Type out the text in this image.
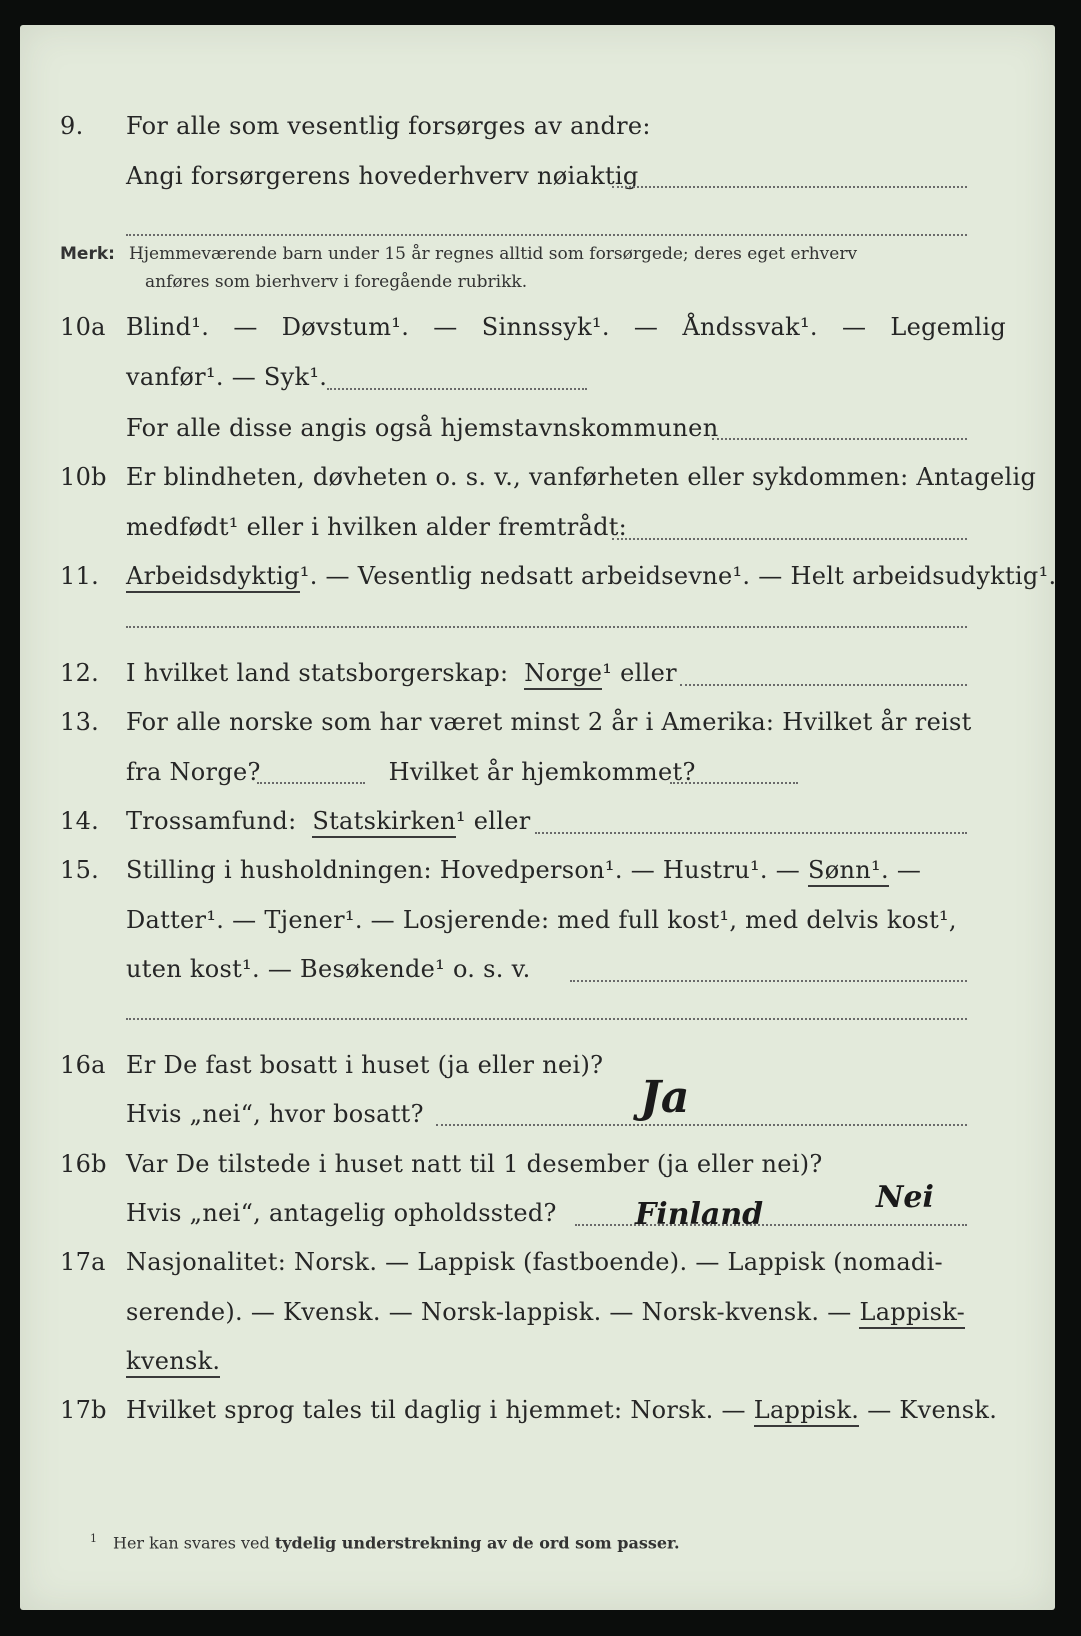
9. For alle som vesentlig forsørges av andre:
Angi forsørgerens hovederhverv nøiaktig
Merk: Hjemmeværende barn under 15 år regnes alltid som forsørgede; deres eget erhverv
anføres som bierhverv i foregående rubrikk.
10a Blind¹. — Døvstum¹. — Sinnssyk¹. — Åndssvak¹. — Legemlig
vanfør¹. — Syk¹.
For alle disse angis også hjemstavnskommunen
10b Er blindheten, døvheten o. s. v., vanførheten eller sykdommen: Antagelig
medfødt¹ eller i hvilken alder fremtrådt:
11. Arbeidsdyktig¹. — Vesentlig nedsatt arbeidsevne¹. — Helt arbeidsudyktig¹.
12. I hvilket land statsborgerskap: Norge¹ eller
13. For alle norske som har været minst 2 år i Amerika: Hvilket år reist
fra Norge?	Hvilket år hjemkommet?
14. Trossamfund: Statskirken¹ eller
15. Stilling i husholdningen: Hovedperson¹. — Hustru¹. — Sønn¹. —
Datter¹. — Tjener¹. — Losjerende: med full kost¹, med delvis kost¹,
uten kost¹. — Besøkende¹ o. s. v.
16a Er De fast bosatt i huset (ja eller nei)?
Ja
Hvis „nei“, hvor bosatt?
16b Var De tilstede i huset natt til 1 desember (ja eller nei)?
Nei
Hvis „nei“, antagelig opholdssted?	Finland
17a Nasjonalitet: Norsk. — Lappisk (fastboende). — Lappisk (nomadi-
serende). — Kvensk. — Norsk-lappisk. — Norsk-kvensk. — Lappisk-
kvensk.
17b Hvilket sprog tales til daglig i hjemmet: Norsk. — Lappisk. — Kvensk.
$^1$ Her kan svares ved tydelig understrekning av de ord som passer.
